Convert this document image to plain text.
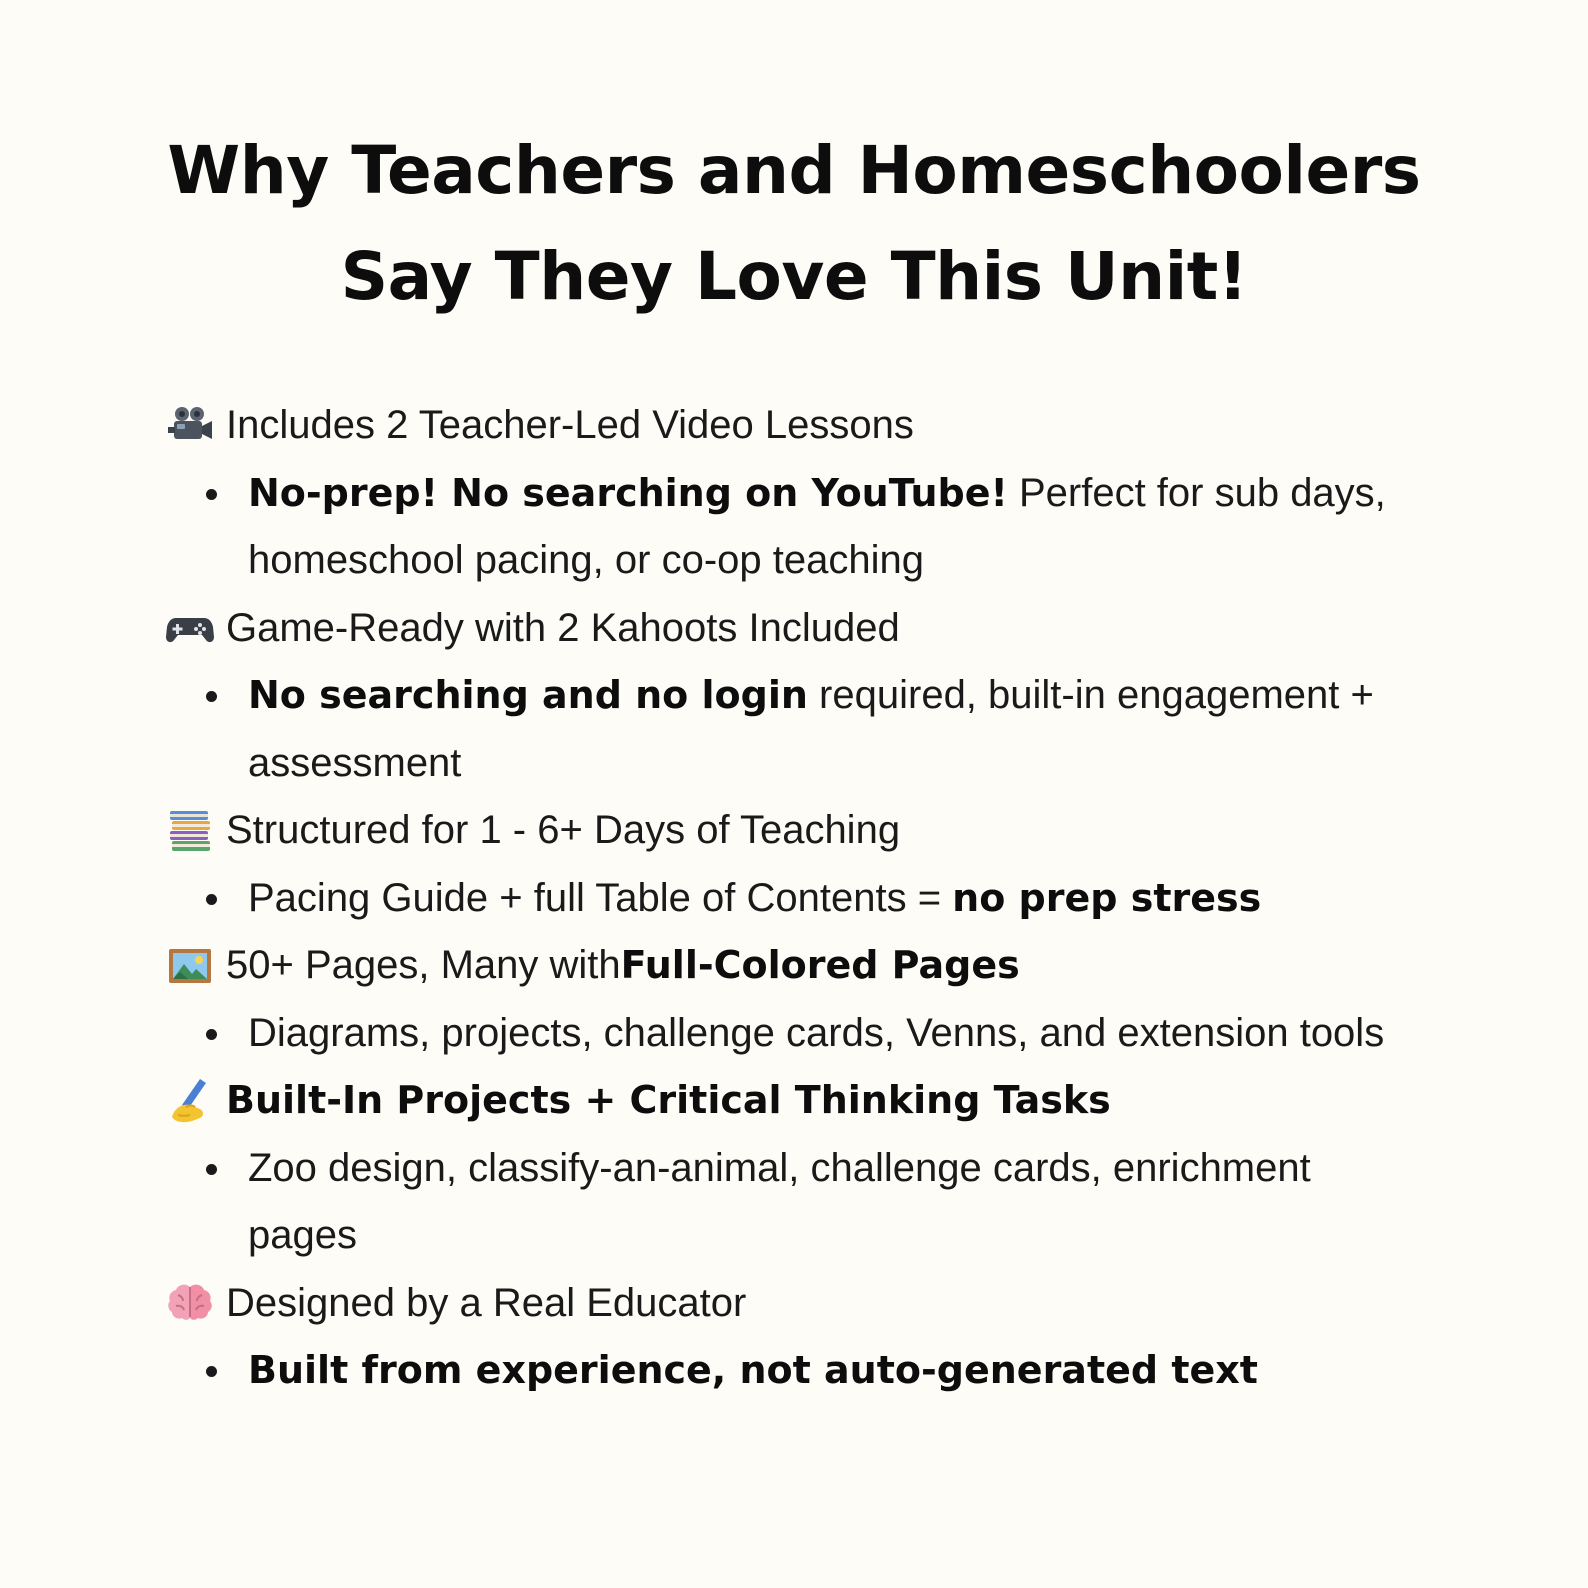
Why Teachers and Homeschoolers
Say They Love This Unit!
Includes 2 Teacher-Led Video Lessons
No-prep! No searching on YouTube! Perfect for sub days, homeschool pacing, or co-op teaching
Game-Ready with 2 Kahoots Included
No searching and no login required, built-in engagement + assessment
Structured for 1 - 6+ Days of Teaching
Pacing Guide + full Table of Contents = no prep stress
50+ Pages, Many with Full-Colored Pages
Diagrams, projects, challenge cards, Venns, and extension tools
Built-In Projects + Critical Thinking Tasks
Zoo design, classify-an-animal, challenge cards, enrichment pages
Designed by a Real Educator
Built from experience, not auto-generated text
